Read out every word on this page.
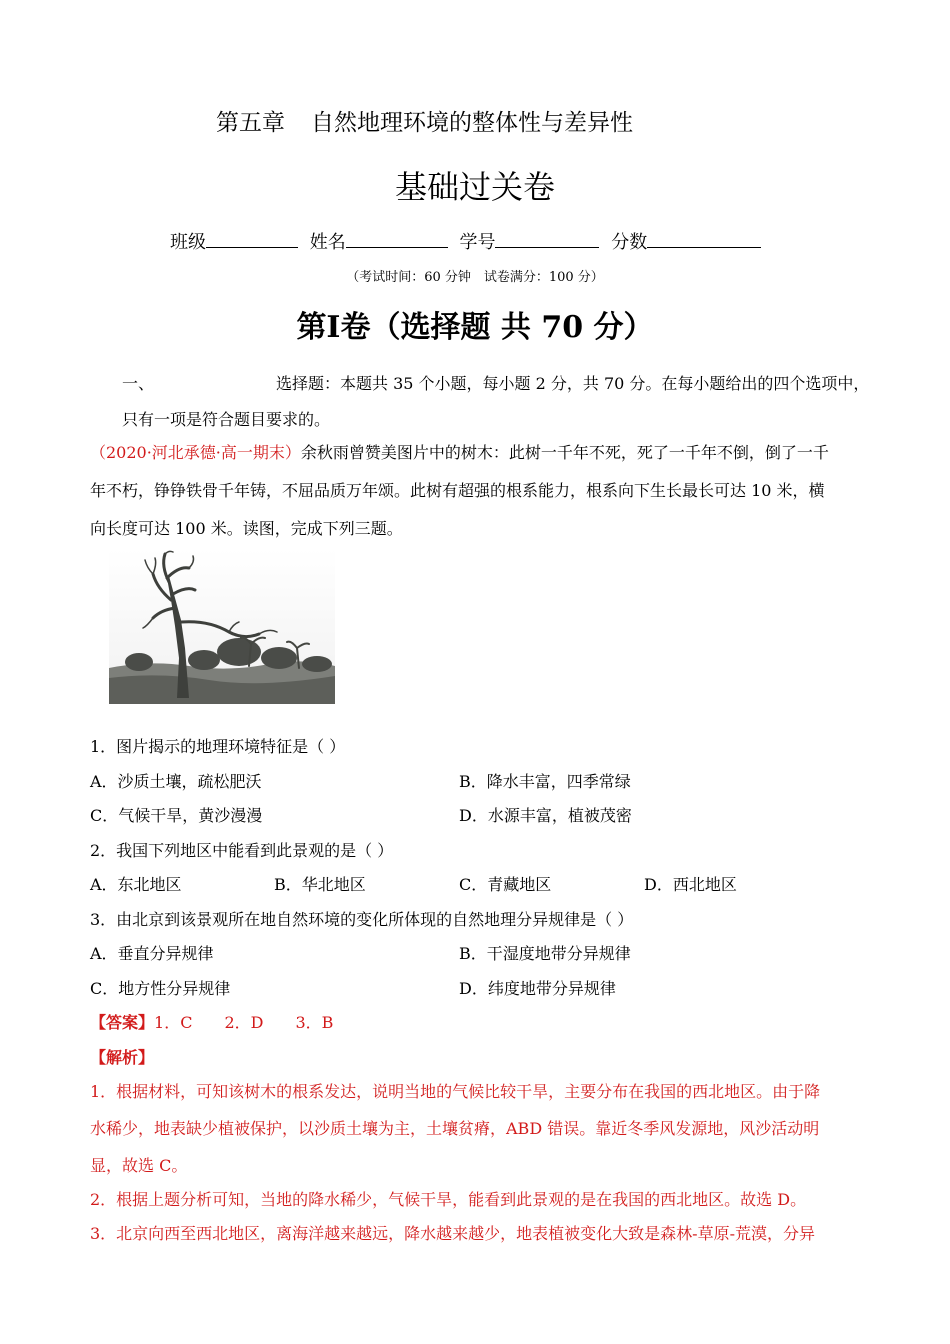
第五章 自然地理环境的整体性与差异性
基础过关卷
班级	姓名	学号	分数
（考试时间：60 分钟　试卷满分：100 分）
第I卷（选择题 共 70 分）
一、	选择题：本题共 35 个小题，每小题 2 分，共 70 分。在每小题给出的四个选项中，
只有一项是符合题目要求的。
（2020·河北承德·高一期末）余秋雨曾赞美图片中的树木：此树一千年不死，死了一千年不倒，倒了一千
年不朽，铮铮铁骨千年铸，不屈品质万年颂。此树有超强的根系能力，根系向下生长最长可达 10 米，横
向长度可达 100 米。读图，完成下列三题。
1．图片揭示的地理环境特征是（ ）
A．沙质土壤，疏松肥沃	B．降水丰富，四季常绿
C．气候干旱，黄沙漫漫	D．水源丰富，植被茂密
2．我国下列地区中能看到此景观的是（ ）
A．东北地区	B．华北地区	C．青藏地区	D．西北地区
3．由北京到该景观所在地自然环境的变化所体现的自然地理分异规律是（ ）
A．垂直分异规律	B．干湿度地带分异规律
C．地方性分异规律	D．纬度地带分异规律
【答案】1．C　　2．D　　3．B
【解析】
1．根据材料，可知该树木的根系发达，说明当地的气候比较干旱，主要分布在我国的西北地区。由于降
水稀少，地表缺少植被保护，以沙质土壤为主，土壤贫瘠，ABD 错误。靠近冬季风发源地，风沙活动明
显，故选 C。
2．根据上题分析可知，当地的降水稀少，气候干旱，能看到此景观的是在我国的西北地区。故选 D。
3．北京向西至西北地区，离海洋越来越远，降水越来越少，地表植被变化大致是森林-草原-荒漠，分异
